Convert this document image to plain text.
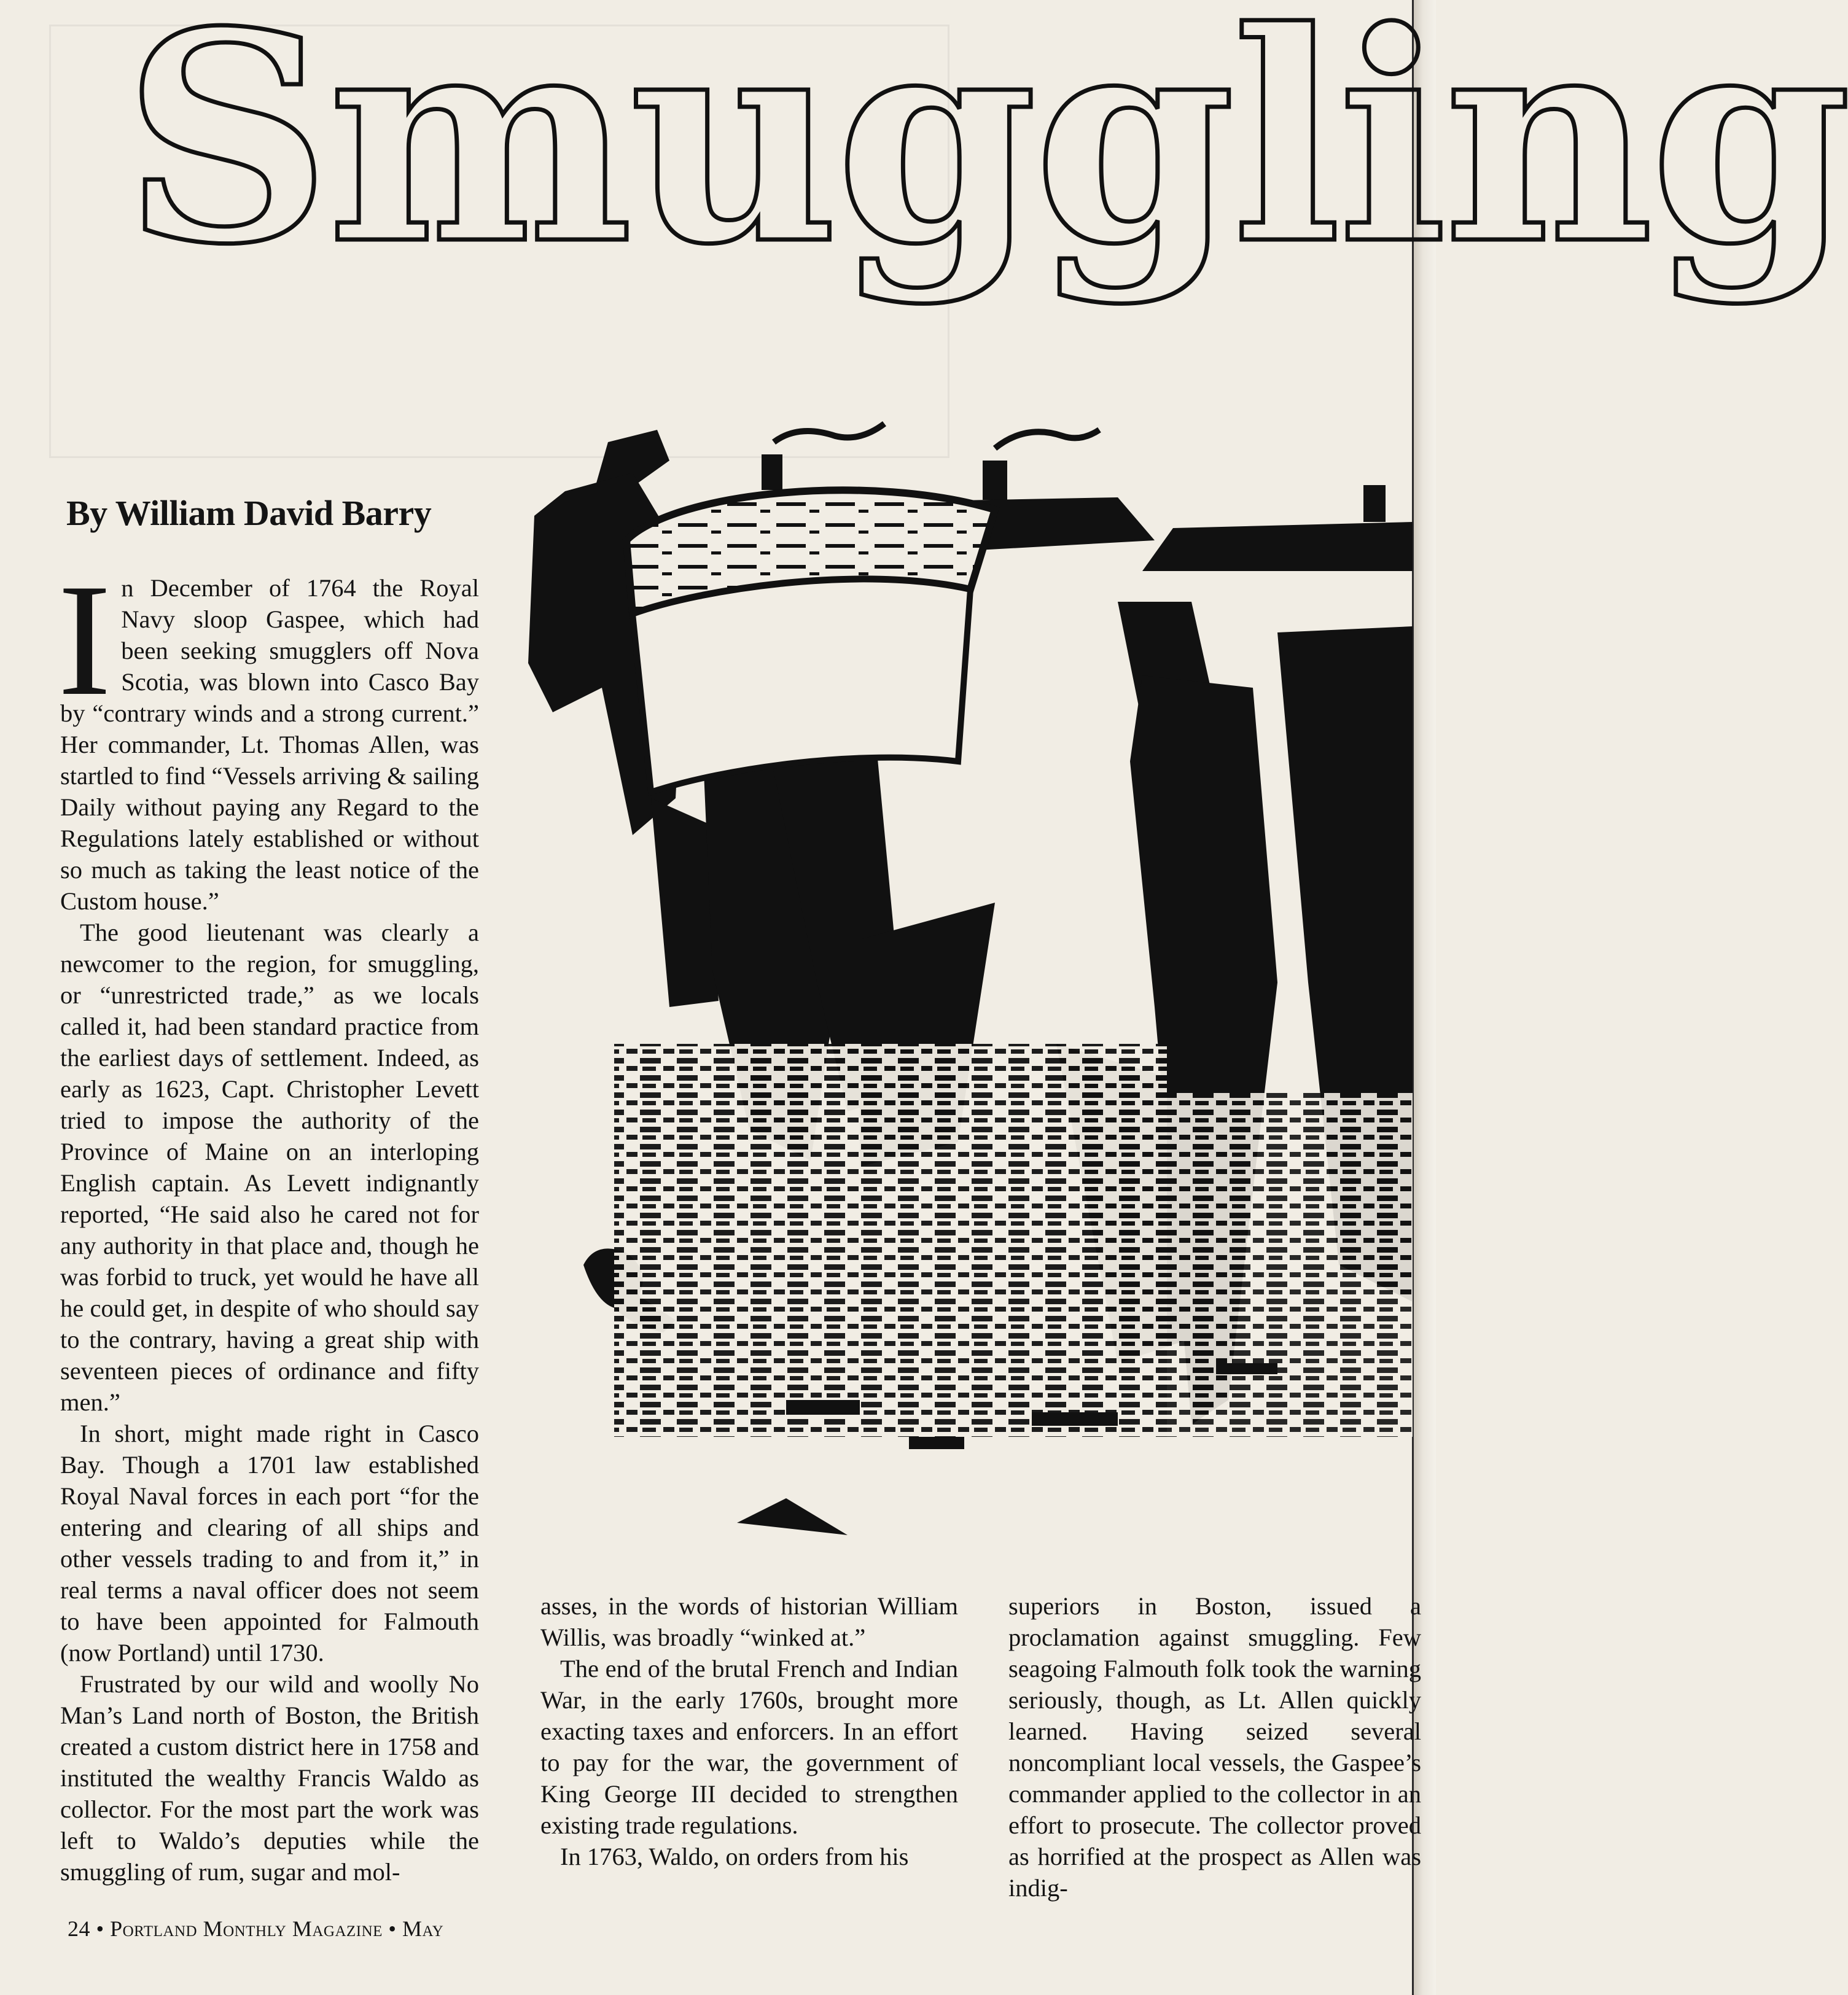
Smuggling
By William David Barry

In December of 1764 the Royal Navy sloop Gaspee, which had been seeking smugglers off Nova Scotia, was blown into Casco Bay by “contrary winds and a strong current.” Her commander, Lt. Thomas Allen, was startled to find “Vessels arriving & sailing Daily without paying any Regard to the Regulations lately established or without so much as taking the least notice of the Custom house.”

The good lieutenant was clearly a newcomer to the region, for smuggling, or “unrestricted trade,” as we locals called it, had been standard practice from the earliest days of settlement. Indeed, as early as 1623, Capt. Christopher Levett tried to impose the authority of the Province of Maine on an interloping English captain. As Levett indignantly reported, “He said also he cared not for any authority in that place and, though he was forbid to truck, yet would he have all he could get, in despite of who should say to the contrary, having a great ship with seventeen pieces of ordinance and fifty men.”

In short, might made right in Casco Bay. Though a 1701 law established Royal Naval forces in each port “for the entering and clearing of all ships and other vessels trading to and from it,” in real terms a naval officer does not seem to have been appointed for Falmouth (now Portland) until 1730.

Frustrated by our wild and woolly No Man’s Land north of Boston, the British created a custom district here in 1758 and instituted the wealthy Francis Waldo as collector. For the most part the work was left to Waldo’s deputies while the smuggling of rum, sugar and mol-

asses, in the words of historian William Willis, was broadly “winked at.”

The end of the brutal French and Indian War, in the early 1760s, brought more exacting taxes and enforcers. In an effort to pay for the war, the government of King George III decided to strengthen existing trade regulations.

In 1763, Waldo, on orders from his

superiors in Boston, issued a proclamation against smuggling. Few seagoing Falmouth folk took the warning seriously, though, as Lt. Allen quickly learned. Having seized several noncompliant local vessels, the Gaspee’s commander applied to the collector in an effort to prosecute. The collector proved as horrified at the prospect as Allen was indig-

24 • Portland Monthly Magazine • May
